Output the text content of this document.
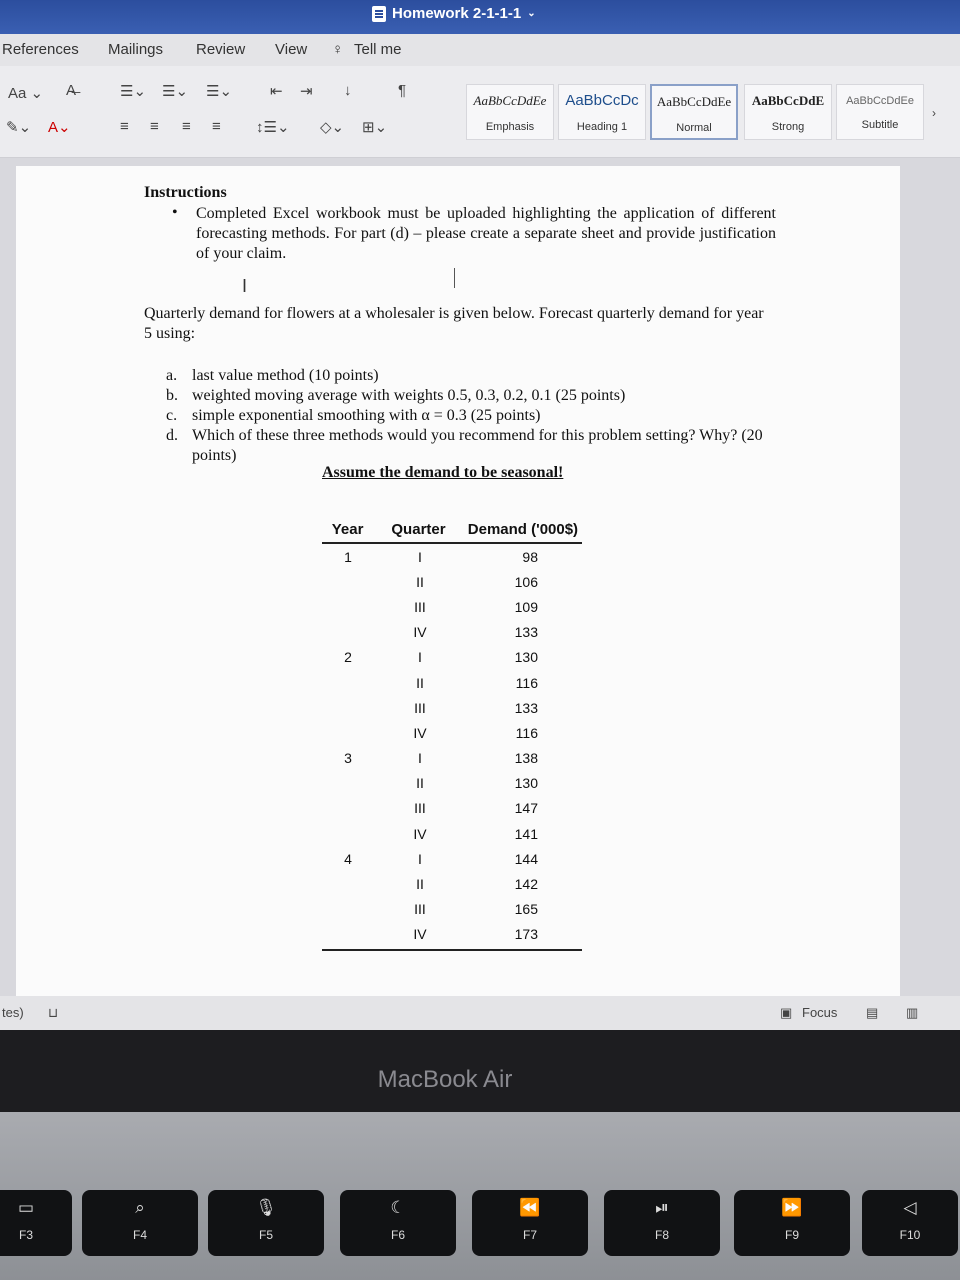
Homework 2-1-1-1 ⌄
References Mailings Review View ♀ Tell me
Aa ⌄ A̶	☰⌄ ☰⌄ ☰⌄	⇤ ⇥ ↓	¶
✎⌄ A⌄	≡ ≡ ≡ ≡ ↕☰⌄ ◇⌄ ⊞⌄
AaBbCcDdEe
Emphasis
AaBbCcDc
Heading 1
AaBbCcDdEe
Normal
AaBbCcDdE
Strong
AaBbCcDdEe
Subtitle
›
Instructions
• Completed Excel workbook must be uploaded highlighting the application of different forecasting methods. For part (d) – please create a separate sheet and provide justification of your claim.
I
Quarterly demand for flowers at a wholesaler is given below. Forecast quarterly demand for year 5 using:
a. last value method (10 points)
b. weighted moving average with weights 0.5, 0.3, 0.2, 0.1 (25 points)
c. simple exponential smoothing with α = 0.3 (25 points)
d. Which of these three methods would you recommend for this problem setting? Why? (20 points)
Assume the demand to be seasonal!
Year	Quarter	Demand ('000$)
1	I	98
II	106
III	109
IV	133
2	I	130
II	116
III	133
IV	116
3	I	138
II	130
III	147
IV	141
4	I	144
II	142
III	165
IV	173
tes) ⊔	▣ Focus ▤ ▥
MacBook Air
▭
F3
⌕
F4
🎙
F5
☾
F6
⏪
F7
⏯
F8
⏩
F9
◁
F10
